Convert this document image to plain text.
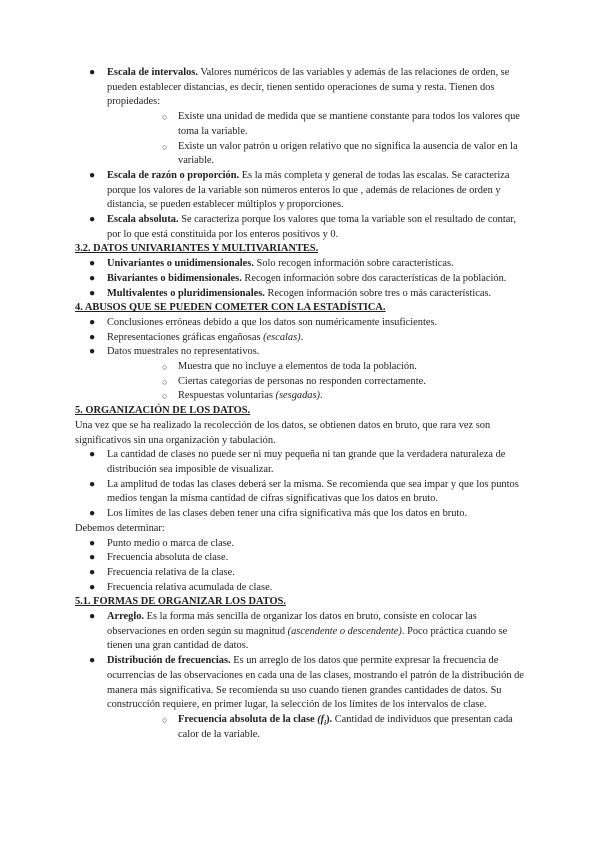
● Escala de intervalos. Valores numéricos de las variables y además de las relaciones de orden, se pueden establecer distancias, es decir, tienen sentido operaciones de suma y resta. Tienen dos propiedades:
○ Existe una unidad de medida que se mantiene constante para todos los valores que toma la variable.
○ Existe un valor patrón u origen relativo que no significa la ausencia de valor en la variable.
● Escala de razón o proporción. Es la más completa y general de todas las escalas. Se caracteriza porque los valores de la variable son números enteros lo que , además de relaciones de orden y distancia, se pueden establecer múltiplos y proporciones.
● Escala absoluta. Se caracteriza porque los valores que toma la variable son el resultado de contar, por lo que está constituida por los enteros positivos y 0.
3.2. DATOS UNIVARIANTES Y MULTIVARIANTES.
● Univariantes o unidimensionales. Solo recogen información sobre características.
● Bivariantes o bidimensionales. Recogen información sobre dos características de la población.
● Multivalentes o pluridimensionales. Recogen información sobre tres o más características.
4. ABUSOS QUE SE PUEDEN COMETER CON LA ESTADÍSTICA.
● Conclusiones erróneas debido a que los datos son numéricamente insuficientes.
● Representaciones gráficas engañosas (escalas).
● Datos muestrales no representativos.
○ Muestra que no incluye a elementos de toda la población.
○ Ciertas categorías de personas no responden correctamente.
○ Respuestas voluntarias (sesgadas).
5. ORGANIZACIÓN DE LOS DATOS.
Una vez que se ha realizado la recolección de los datos, se obtienen datos en bruto, que rara vez son significativos sin una organización y tabulación.
● La cantidad de clases no puede ser ni muy pequeña ni tan grande que la verdadera naturaleza de distribución sea imposible de visualizar.
● La amplitud de todas las clases deberá ser la misma. Se recomienda que sea impar y que los puntos medios tengan la misma cantidad de cifras significativas que los datos en bruto.
● Los límites de las clases deben tener una cifra significativa más que los datos en bruto.
Debemos determinar:
● Punto medio o marca de clase.
● Frecuencia absoluta de clase.
● Frecuencia relativa de la clase.
● Frecuencia relativa acumulada de clase.
5.1. FORMAS DE ORGANIZAR LOS DATOS.
● Arreglo. Es la forma más sencilla de organizar los datos en bruto, consiste en colocar las observaciones en orden según su magnitud (ascendente o descendente). Poco práctica cuando se tienen una gran cantidad de datos.
● Distribución de frecuencias. Es un arreglo de los datos que permite expresar la frecuencia de ocurrencias de las observaciones en cada una de las clases, mostrando el patrón de la distribución de manera más significativa. Se recomienda su uso cuando tienen grandes cantidades de datos. Su construcción requiere, en primer lugar, la selección de los límites de los intervalos de clase.
○ Frecuencia absoluta de la clase $(f_i)$. Cantidad de individuos que presentan cada calor de la variable.
